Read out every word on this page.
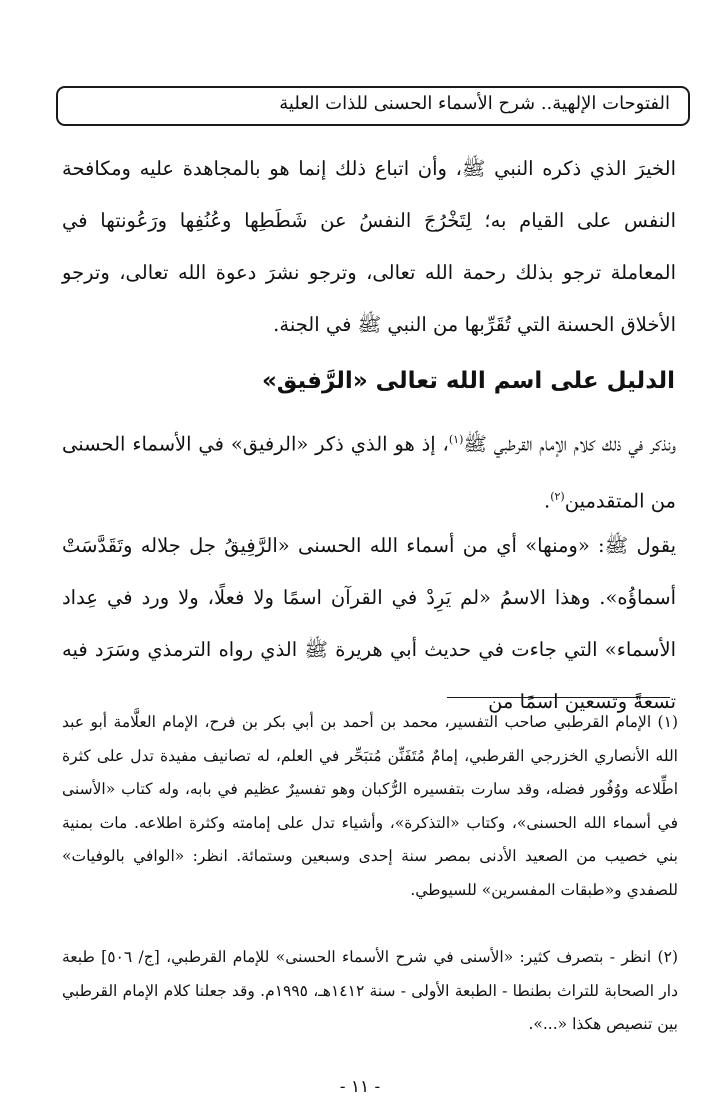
الفتوحات الإلهية.. شرح الأسماء الحسنى للذات العلية

الخيرَ الذي ذكره النبي ﷺ، وأن اتباع ذلك إنما هو بالمجاهدة عليه ومكافحة النفس على القيام به؛ لِتَخْرُجَ النفسُ عن شَطَطِها وعُنُفِها ورَعُونتها في المعاملة ترجو بذلك رحمة الله تعالى، وترجو نشرَ دعوة الله تعالى، وترجو الأخلاق الحسنة التي تُقَرِّبها من النبي ﷺ في الجنة.

الدليل على اسم الله تعالى «الرَّفيق»

ونذكر في ذلك كلام الإمام القرطبي ﷺ$^{(١)}$، إذ هو الذي ذكر «الرفيق» في الأسماء الحسنى من المتقدمين$^{(٢)}$.

يقول ﷺ: «ومنها» أي من أسماء الله الحسنى «الرَّفِيقُ جل جلاله وتَقَدَّسَتْ أسماؤُه». وهذا الاسمُ «لم يَرِدْ في القرآن اسمًا ولا فعلًا، ولا ورد في عِداد الأسماء» التي جاءت في حديث أبي هريرة ﷺ الذي رواه الترمذي وسَرَد فيه تسعةً وتسعين اسمًا من

(١) الإمام القرطبي صاحب التفسير، محمد بن أحمد بن أبي بكر بن فرح، الإمام العلَّامة أبو عبد الله الأنصاري الخزرجي القرطبي، إمامٌ مُتَفَنِّن مُتبَحِّر في العلم، له تصانيف مفيدة تدل على كثرة اطِّلاعه ووُفُور فضله، وقد سارت بتفسيره الرُّكبان وهو تفسيرٌ عظيم في بابه، وله كتاب «الأسنى في أسماء الله الحسنى»، وكتاب «التذكرة»، وأشياء تدل على إمامته وكثرة اطلاعه. مات بمنية بني خصيب من الصعيد الأدنى بمصر سنة إحدى وسبعين وستمائة. انظر: «الوافي بالوفيات» للصفدي و«طبقات المفسرين» للسيوطي.

(٢) انظر - بتصرف كثير: «الأسنى في شرح الأسماء الحسنى» للإمام القرطبي، [ج/ ٥٠٦] طبعة دار الصحابة للتراث بطنطا - الطبعة الأولى - سنة ١٤١٢هـ، ١٩٩٥م. وقد جعلنا كلام الإمام القرطبي بين تنصيص هكذا «...».

- ١١ -
